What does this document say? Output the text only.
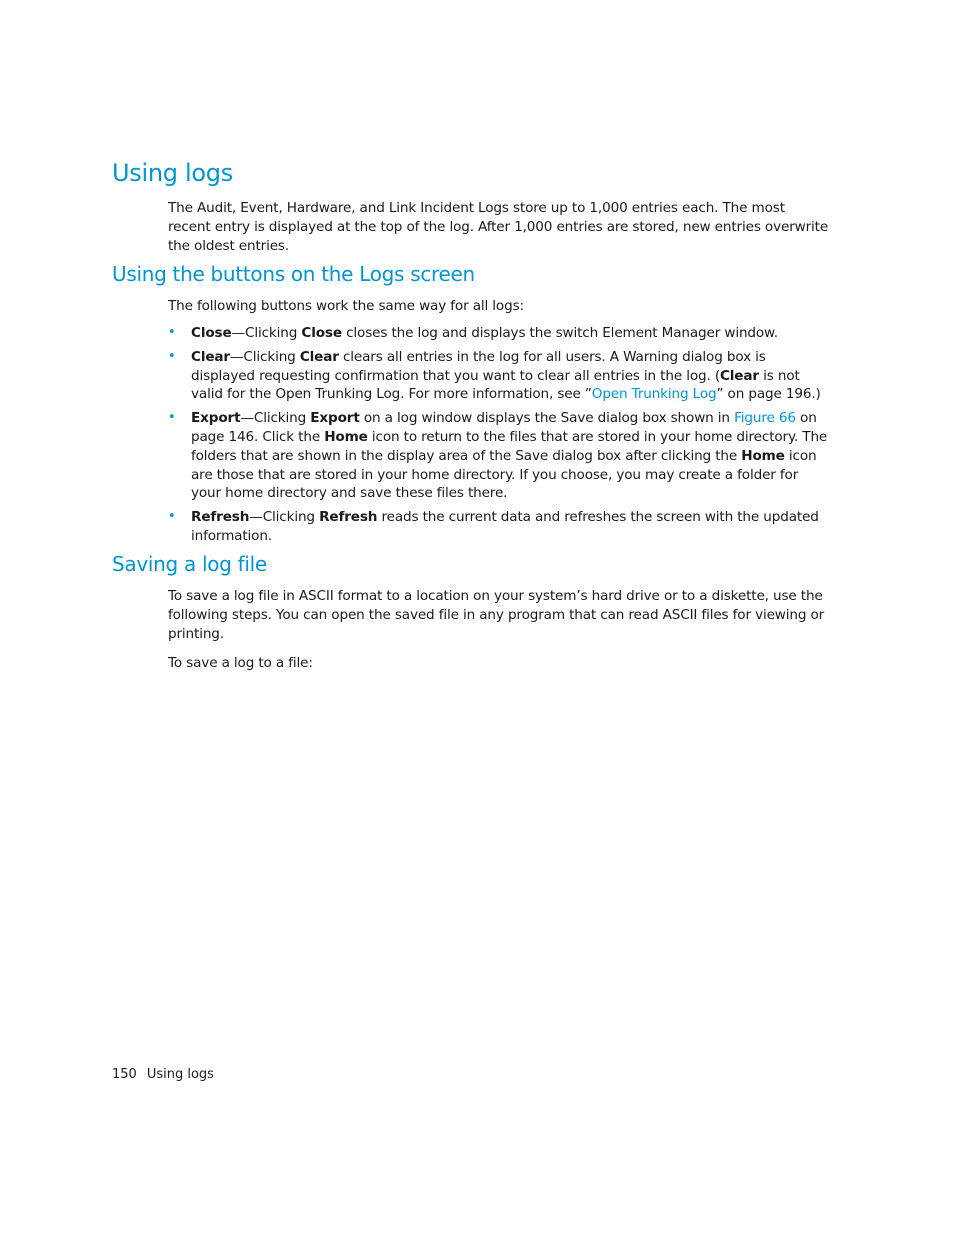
Using logs

The Audit, Event, Hardware, and Link Incident Logs store up to 1,000 entries each. The most recent entry is displayed at the top of the log. After 1,000 entries are stored, new entries overwrite the oldest entries.

Using the buttons on the Logs screen

The following buttons work the same way for all logs:

• Close—Clicking Close closes the log and displays the switch Element Manager window.
• Clear—Clicking Clear clears all entries in the log for all users. A Warning dialog box is displayed requesting confirmation that you want to clear all entries in the log. (Clear is not valid for the Open Trunking Log. For more information, see ”Open Trunking Log” on page 196.)
• Export—Clicking Export on a log window displays the Save dialog box shown in Figure 66 on page 146. Click the Home icon to return to the files that are stored in your home directory. The folders that are shown in the display area of the Save dialog box after clicking the Home icon are those that are stored in your home directory. If you choose, you may create a folder for your home directory and save these files there.
• Refresh—Clicking Refresh reads the current data and refreshes the screen with the updated information.
Saving a log file

To save a log file in ASCII format to a location on your system’s hard drive or to a diskette, use the following steps. You can open the saved file in any program that can read ASCII files for viewing or printing.

To save a log to a file:

150 Using logs
